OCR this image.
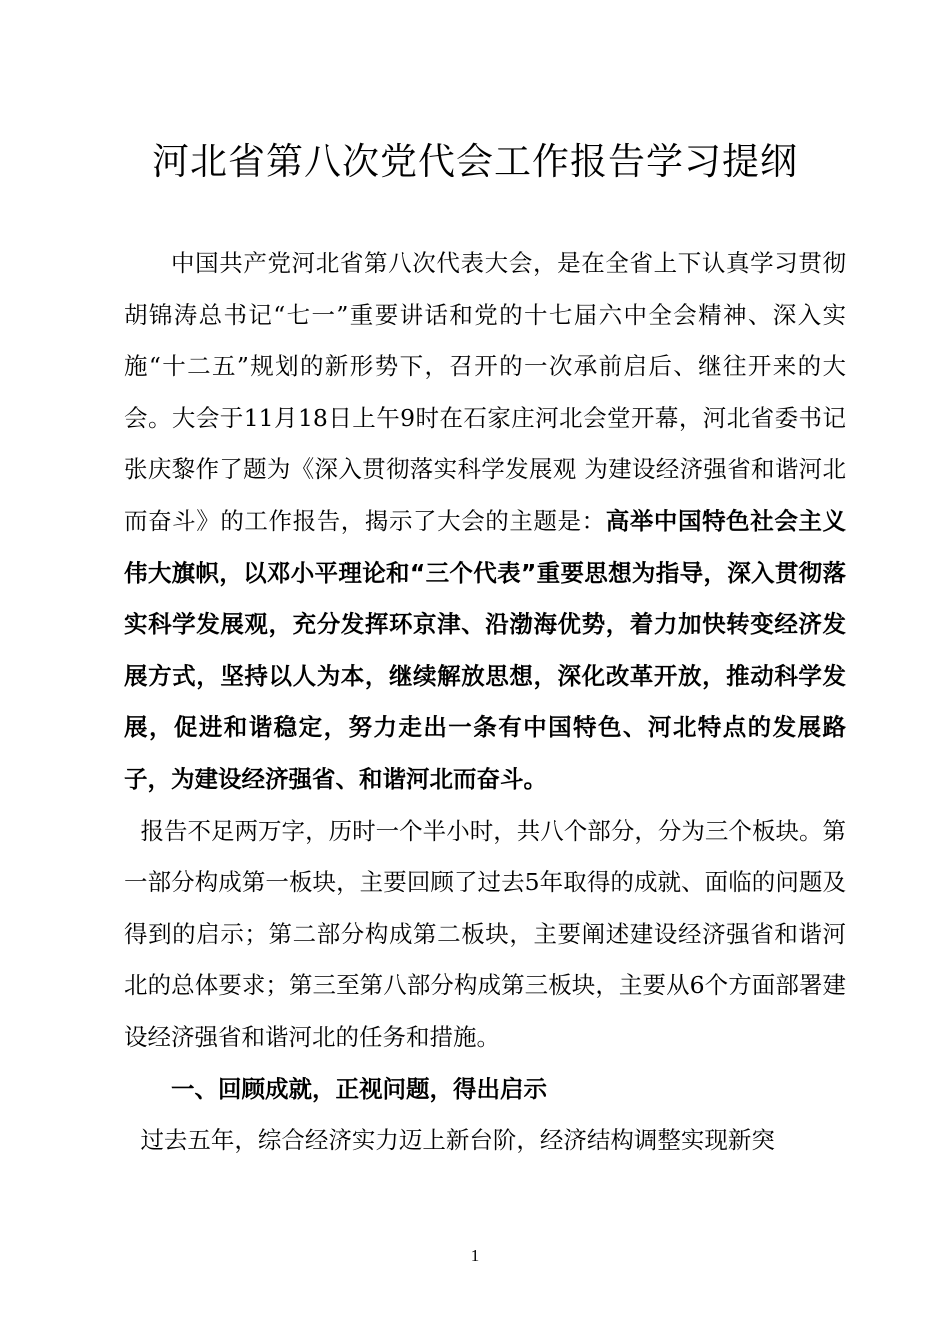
河北省第八次党代会工作报告学习提纲

中国共产党河北省第八次代表大会，是在全省上下认真学习贯彻胡锦涛总书记“七一”重要讲话和党的十七届六中全会精神、深入实施“十二五”规划的新形势下，召开的一次承前启后、继往开来的大会。大会于11月18日上午9时在石家庄河北会堂开幕，河北省委书记张庆黎作了题为《深入贯彻落实科学发展观 为建设经济强省和谐河北而奋斗》的工作报告，揭示了大会的主题是：高举中国特色社会主义伟大旗帜，以邓小平理论和“三个代表”重要思想为指导，深入贯彻落实科学发展观，充分发挥环京津、沿渤海优势，着力加快转变经济发展方式，坚持以人为本，继续解放思想，深化改革开放，推动科学发展，促进和谐稳定，努力走出一条有中国特色、河北特点的发展路子，为建设经济强省、和谐河北而奋斗。

报告不足两万字，历时一个半小时，共八个部分，分为三个板块。第一部分构成第一板块，主要回顾了过去5年取得的成就、面临的问题及得到的启示；第二部分构成第二板块，主要阐述建设经济强省和谐河北的总体要求；第三至第八部分构成第三板块，主要从6个方面部署建设经济强省和谐河北的任务和措施。

一、回顾成就，正视问题，得出启示

过去五年，综合经济实力迈上新台阶，经济结构调整实现新突

1
